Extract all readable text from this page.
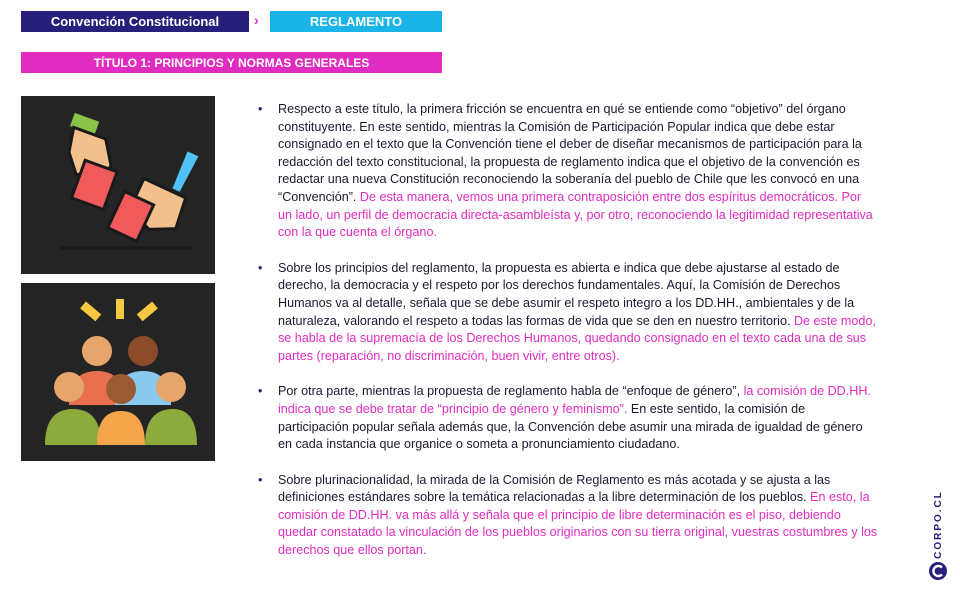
Convención Constitucional	›	REGLAMENTO
TÍTULO 1: PRINCIPIOS Y NORMAS GENERALES
• Respecto a este título, la primera fricción se encuentra en qué se entiende como “objetivo” del órgano constituyente. En este sentido, mientras la Comisión de Participación Popular indica que debe estar consignado en el texto que la Convención tiene el deber de diseñar mecanismos de participación para la redacción del texto constitucional, la propuesta de reglamento indica que el objetivo de la convención es redactar una nueva Constitución reconociendo la soberanía del pueblo de Chile que les convocó en una “Convención”. De esta manera, vemos una primera contraposición entre dos espíritus democráticos. Por un lado, un perfil de democracia directa-asambleísta y, por otro, reconociendo la legitimidad representativa con la que cuenta el órgano.
• Sobre los principios del reglamento, la propuesta es abierta e indica que debe ajustarse al estado de derecho, la democracia y el respeto por los derechos fundamentales. Aquí, la Comisión de Derechos Humanos va al detalle, señala que se debe asumir el respeto integro a los DD.HH., ambientales y de la naturaleza, valorando el respeto a todas las formas de vida que se den en nuestro territorio. De este modo, se habla de la supremacía de los Derechos Humanos, quedando consignado en el texto cada una de sus partes (reparación, no discriminación, buen vivir, entre otros).
• Por otra parte, mientras la propuesta de reglamento habla de “enfoque de género”, la comisión de DD.HH. indica que se debe tratar de “principio de género y feminismo”. En este sentido, la comisión de participación popular señala además que, la Convención debe asumir una mirada de igualdad de género en cada instancia que organice o someta a pronunciamiento ciudadano.
• Sobre plurinacionalidad, la mirada de la Comisión de Reglamento es más acotada y se ajusta a las definiciones estándares sobre la temática relacionadas a la libre determinación de los pueblos. En esto, la comisión de DD.HH. va más allá y señala que el principio de libre determinación es el piso, debiendo quedar constatado la vinculación de los pueblos originarios con su tierra original, vuestras costumbres y los derechos que ellos portan.	CORPO.CL
